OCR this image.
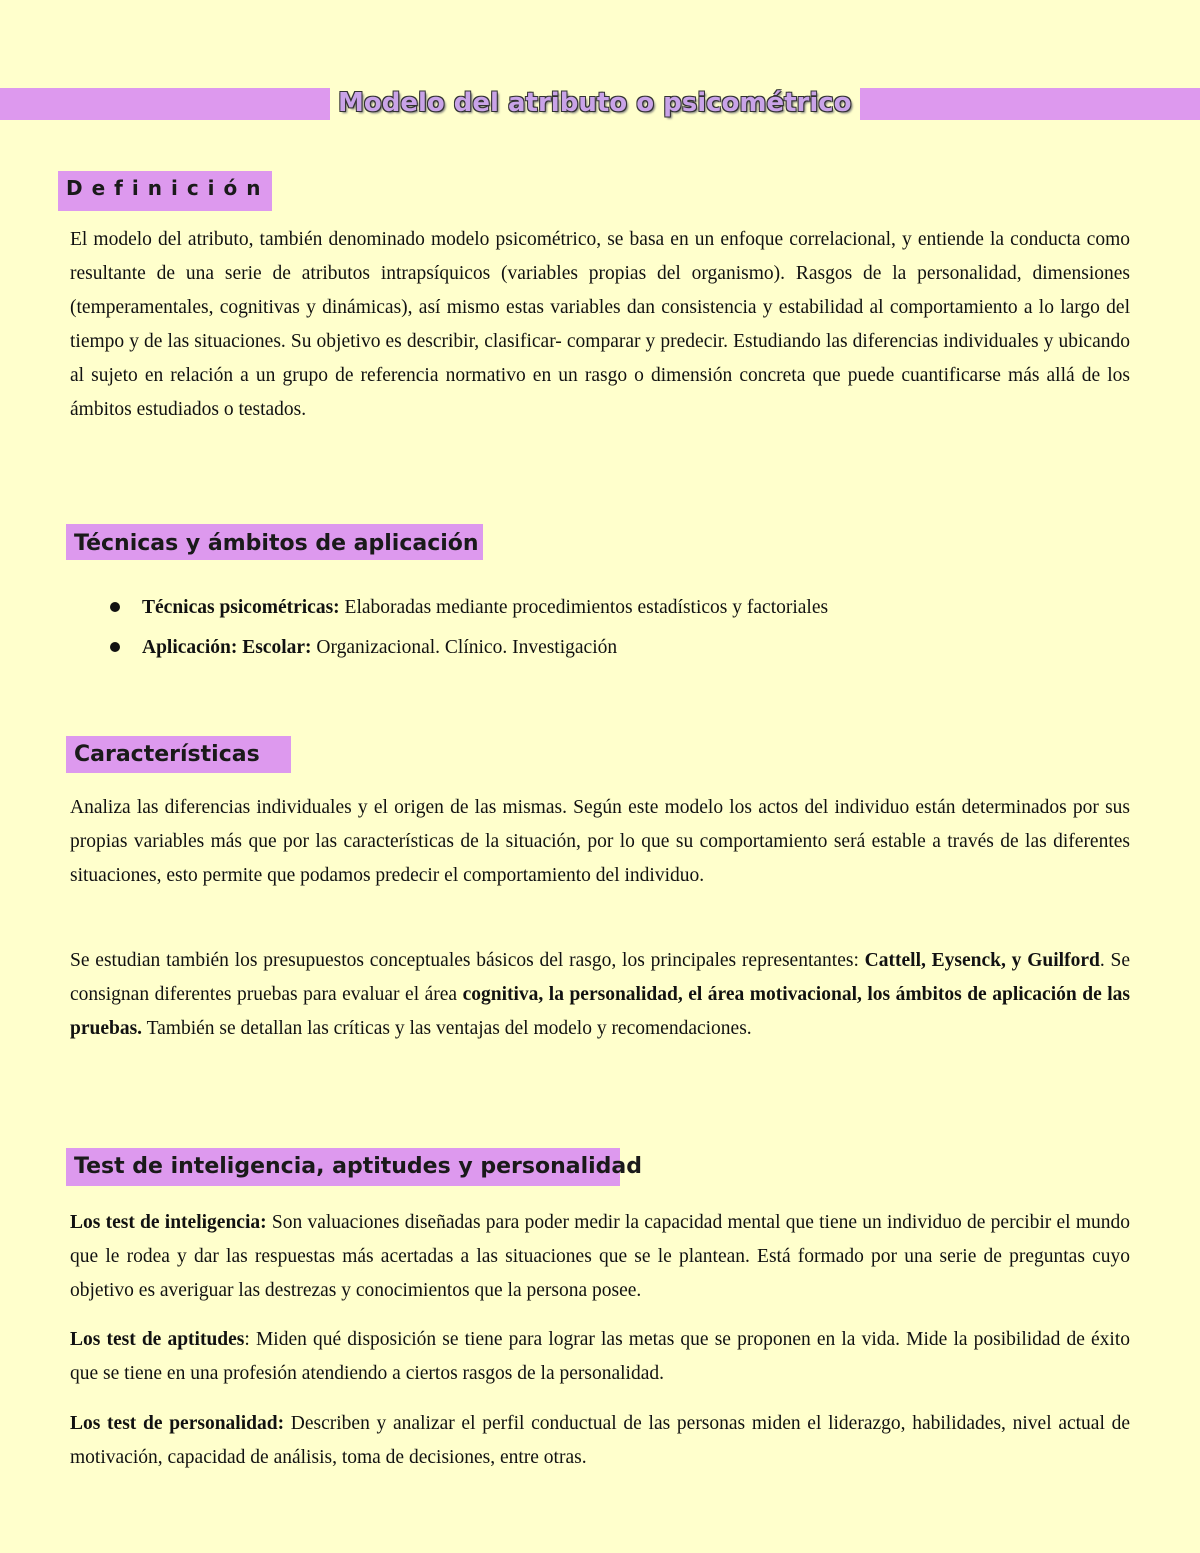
Modelo del atributo o psicométrico
Definición

El modelo del atributo, también denominado modelo psicométrico, se basa en un enfoque correlacional, y entiende la conducta como resultante de una serie de atributos intrapsíquicos (variables propias del organismo). Rasgos de la personalidad, dimensiones (temperamentales, cognitivas y dinámicas), así mismo estas variables dan consistencia y estabilidad al comportamiento a lo largo del tiempo y de las situaciones. Su objetivo es describir, clasificar- comparar y predecir. Estudiando las diferencias individuales y ubicando al sujeto en relación a un grupo de referencia normativo en un rasgo o dimensión concreta que puede cuantificarse más allá de los ámbitos estudiados o testados.

Técnicas y ámbitos de aplicación
Técnicas psicométricas: Elaboradas mediante procedimientos estadísticos y factoriales
Aplicación: Escolar: Organizacional. Clínico. Investigación
Características

Analiza las diferencias individuales y el origen de las mismas. Según este modelo los actos del individuo están determinados por sus propias variables más que por las características de la situación, por lo que su comportamiento será estable a través de las diferentes situaciones, esto permite que podamos predecir el comportamiento del individuo.

Se estudian también los presupuestos conceptuales básicos del rasgo, los principales representantes: Cattell, Eysenck, y Guilford. Se consignan diferentes pruebas para evaluar el área cognitiva, la personalidad, el área motivacional, los ámbitos de aplicación de las pruebas. También se detallan las críticas y las ventajas del modelo y recomendaciones.

Test de inteligencia, aptitudes y personalidad

Los test de inteligencia: Son valuaciones diseñadas para poder medir la capacidad mental que tiene un individuo de percibir el mundo que le rodea y dar las respuestas más acertadas a las situaciones que se le plantean. Está formado por una serie de preguntas cuyo objetivo es averiguar las destrezas y conocimientos que la persona posee.

Los test de aptitudes: Miden qué disposición se tiene para lograr las metas que se proponen en la vida. Mide la posibilidad de éxito que se tiene en una profesión atendiendo a ciertos rasgos de la personalidad.

Los test de personalidad: Describen y analizar el perfil conductual de las personas miden el liderazgo, habilidades, nivel actual de motivación, capacidad de análisis, toma de decisiones, entre otras.
